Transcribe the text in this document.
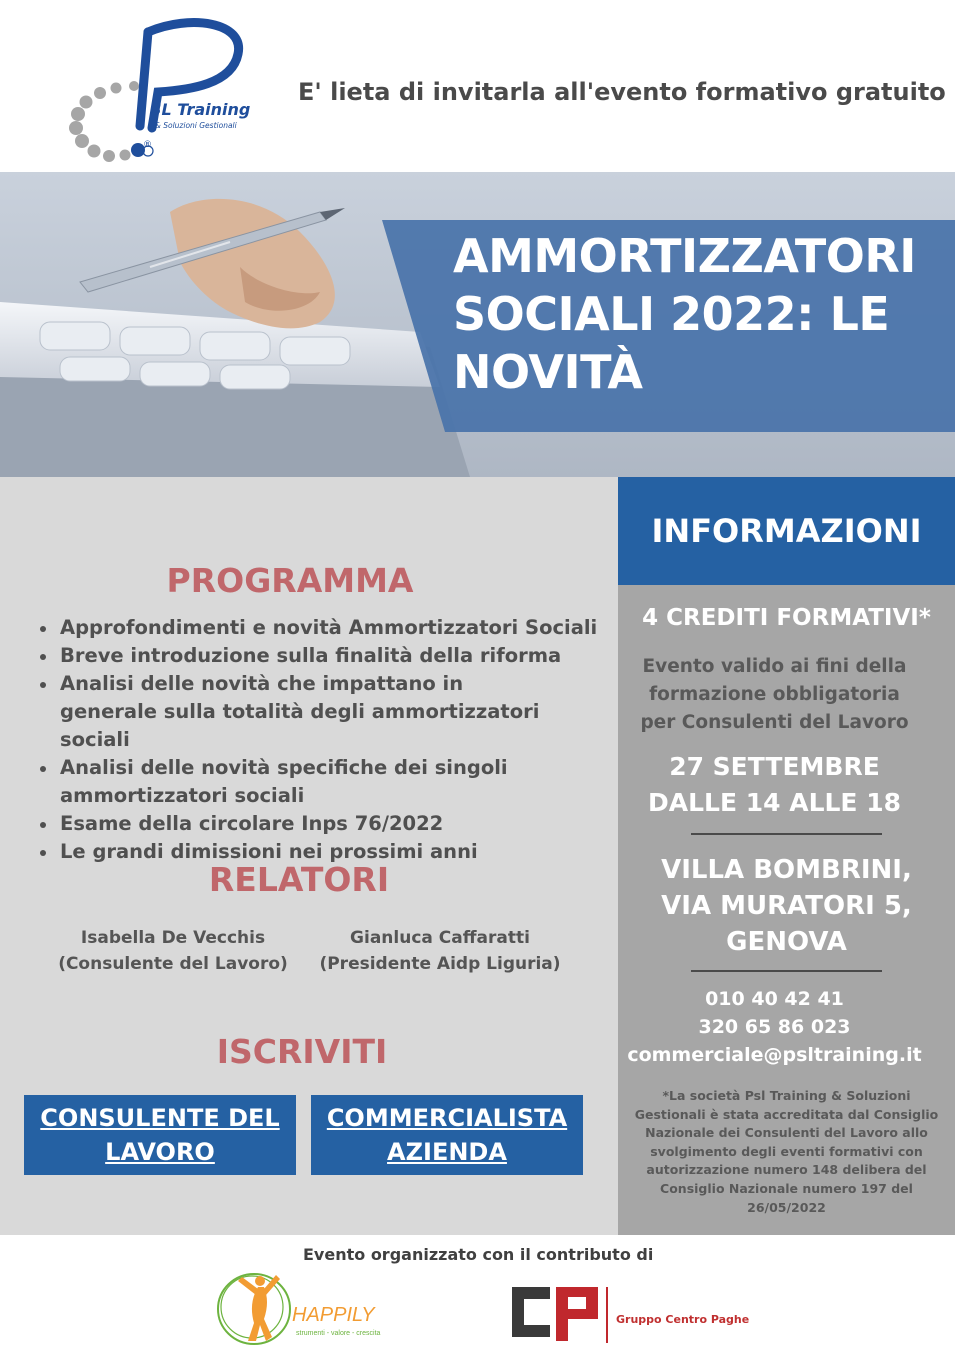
SL Training
& Soluzioni Gestionali
®
E' lieta di invitarla all'evento formativo gratuito
AMMORTIZZATORI
SOCIALI 2022: LE
NOVITÀ
PROGRAMMA
Approfondimenti e novità Ammortizzatori Sociali
Breve introduzione sulla finalità della riforma
Analisi delle novità che impattano in generale sulla totalità degli ammortizzatori sociali
Analisi delle novità specifiche dei singoli ammortizzatori sociali
Esame della circolare Inps 76/2022
Le grandi dimissioni nei prossimi anni
RELATORI
Isabella De Vecchis
(Consulente del Lavoro)
Gianluca Caffaratti
(Presidente Aidp Liguria)
ISCRIVITI
CONSULENTE DEL
LAVORO
COMMERCIALISTA
AZIENDA
INFORMAZIONI
4 CREDITI FORMATIVI*
Evento valido ai fini della
formazione obbligatoria
per Consulenti del Lavoro
27 SETTEMBRE
DALLE 14 ALLE 18
VILLA BOMBRINI,
VIA MURATORI 5,
GENOVA
010 40 42 41
320 65 86 023
commerciale@psltraining.it
*La società Psl Training & Soluzioni
Gestionali è stata accreditata dal Consiglio
Nazionale dei Consulenti del Lavoro allo
svolgimento degli eventi formativi con
autorizzazione numero 148 delibera del
Consiglio Nazionale numero 197 del
26/05/2022
Evento organizzato con il contributo di
HAPPILY
strumenti - valore - crescita
Gruppo Centro Paghe
